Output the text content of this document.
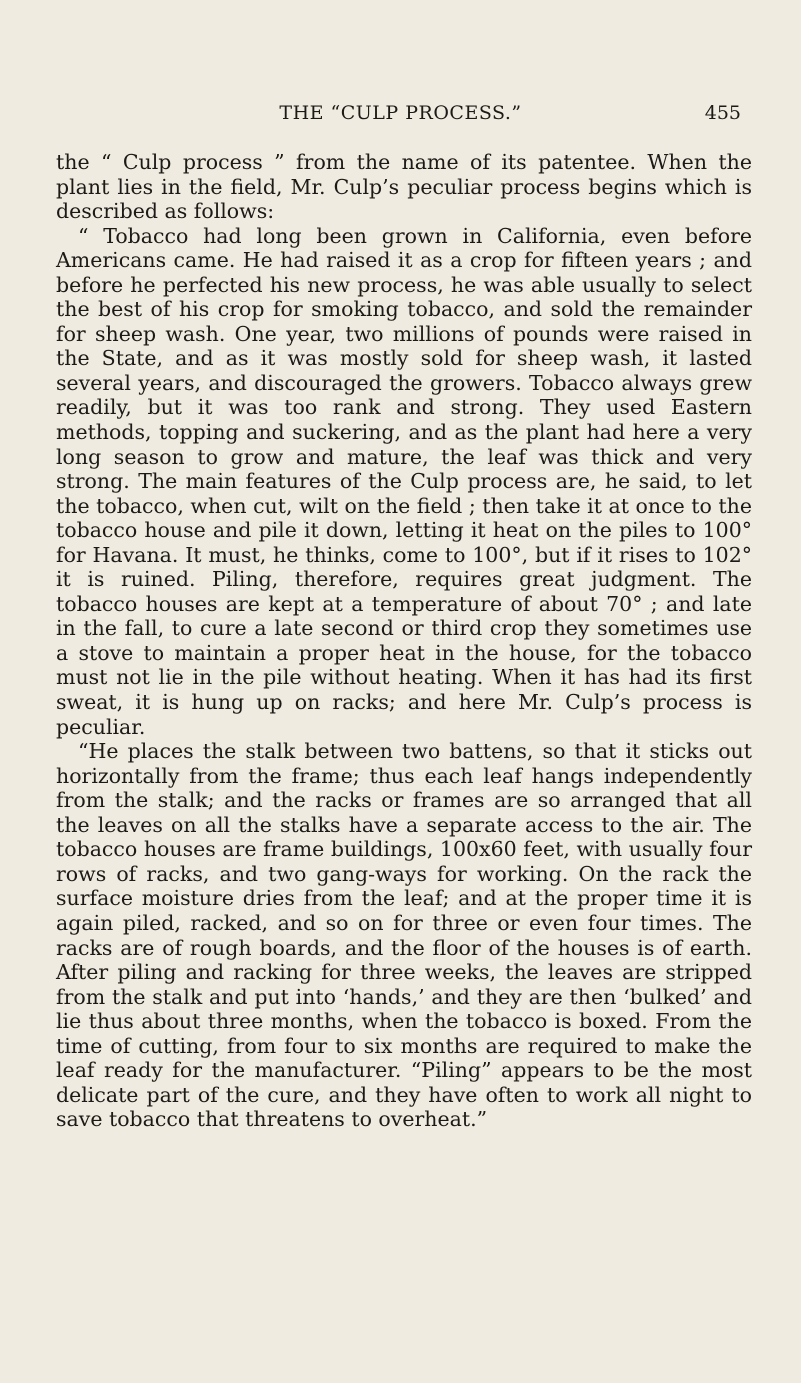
THE “CULP PROCESS.”	455

the “ Culp process ” from the name of its patentee. When the plant lies in the field, Mr. Culp’s peculiar process begins which is described as follows:

“ Tobacco had long been grown in California, even before Americans came. He had raised it as a crop for fifteen years ; and before he perfected his new process, he was able usually to select the best of his crop for smoking tobacco, and sold the remainder for sheep wash. One year, two millions of pounds were raised in the State, and as it was mostly sold for sheep wash, it lasted several years, and discouraged the growers. Tobacco always grew readily, but it was too rank and strong. They used Eastern methods, topping and suckering, and as the plant had here a very long season to grow and mature, the leaf was thick and very strong. The main features of the Culp process are, he said, to let the tobacco, when cut, wilt on the field ; then take it at once to the tobacco house and pile it down, letting it heat on the piles to 100° for Havana. It must, he thinks, come to 100°, but if it rises to 102° it is ruined. Piling, therefore, requires great judgment. The tobacco houses are kept at a temperature of about 70° ; and late in the fall, to cure a late second or third crop they sometimes use a stove to maintain a proper heat in the house, for the tobacco must not lie in the pile without heating. When it has had its first sweat, it is hung up on racks; and here Mr. Culp’s process is peculiar.

“He places the stalk between two battens, so that it sticks out horizontally from the frame; thus each leaf hangs independently from the stalk; and the racks or frames are so arranged that all the leaves on all the stalks have a separate access to the air. The tobacco houses are frame buildings, 100x60 feet, with usually four rows of racks, and two gang-ways for working. On the rack the surface moisture dries from the leaf; and at the proper time it is again piled, racked, and so on for three or even four times. The racks are of rough boards, and the floor of the houses is of earth. After piling and racking for three weeks, the leaves are stripped from the stalk and put into ‘hands,’ and they are then ‘bulked’ and lie thus about three months, when the tobacco is boxed. From the time of cutting, from four to six months are required to make the leaf ready for the manufacturer. “Piling” appears to be the most delicate part of the cure, and they have often to work all night to save tobacco that threatens to overheat.”
